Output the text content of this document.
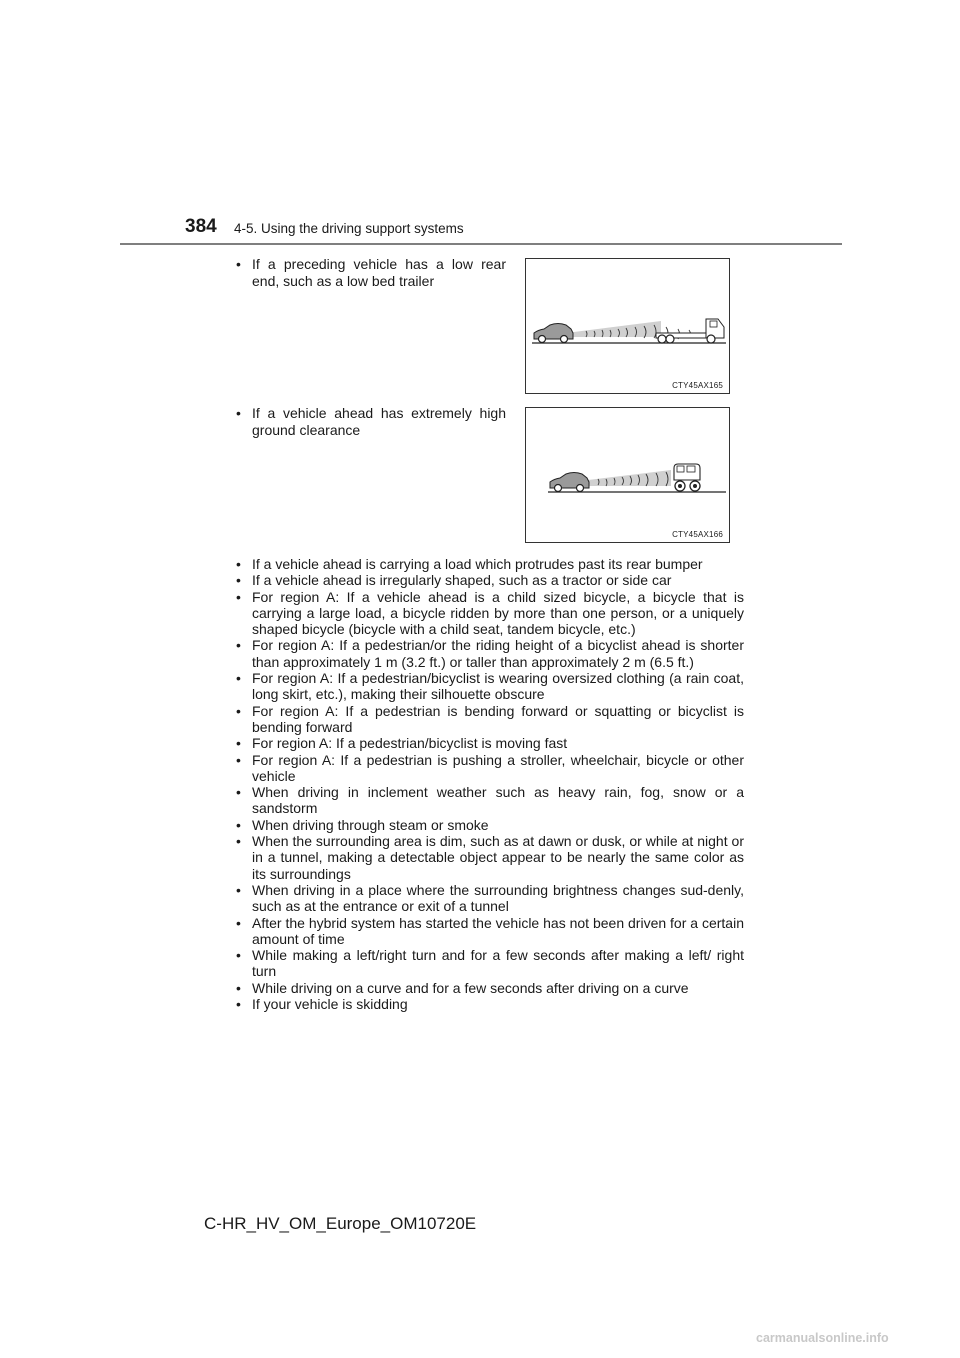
384 4-5. Using the driving support systems
• If a preceding vehicle has a low rear end, such as a low bed trailer
CTY45AX165
• If a vehicle ahead has extremely high ground clearance
CTY45AX166
• If a vehicle ahead is carrying a load which protrudes past its rear bumper
• If a vehicle ahead is irregularly shaped, such as a tractor or side car
• For region A: If a vehicle ahead is a child sized bicycle, a bicycle that is carrying a large load, a bicycle ridden by more than one person, or a uniquely shaped bicycle (bicycle with a child seat, tandem bicycle, etc.)
• For region A: If a pedestrian/or the riding height of a bicyclist ahead is shorter than approximately 1 m (3.2 ft.) or taller than approximately 2 m (6.5 ft.)
• For region A: If a pedestrian/bicyclist is wearing oversized clothing (a rain coat, long skirt, etc.), making their silhouette obscure
• For region A: If a pedestrian is bending forward or squatting or bicyclist is bending forward
• For region A: If a pedestrian/bicyclist is moving fast
• For region A: If a pedestrian is pushing a stroller, wheelchair, bicycle or other vehicle
• When driving in inclement weather such as heavy rain, fog, snow or a sandstorm
• When driving through steam or smoke
• When the surrounding area is dim, such as at dawn or dusk, or while at night or in a tunnel, making a detectable object appear to be nearly the same color as its surroundings
• When driving in a place where the surrounding brightness changes sud-denly, such as at the entrance or exit of a tunnel
• After the hybrid system has started the vehicle has not been driven for a certain amount of time
• While making a left/right turn and for a few seconds after making a left/ right turn
• While driving on a curve and for a few seconds after driving on a curve
• If your vehicle is skidding
C-HR_HV_OM_Europe_OM10720E
carmanualsonline.info
